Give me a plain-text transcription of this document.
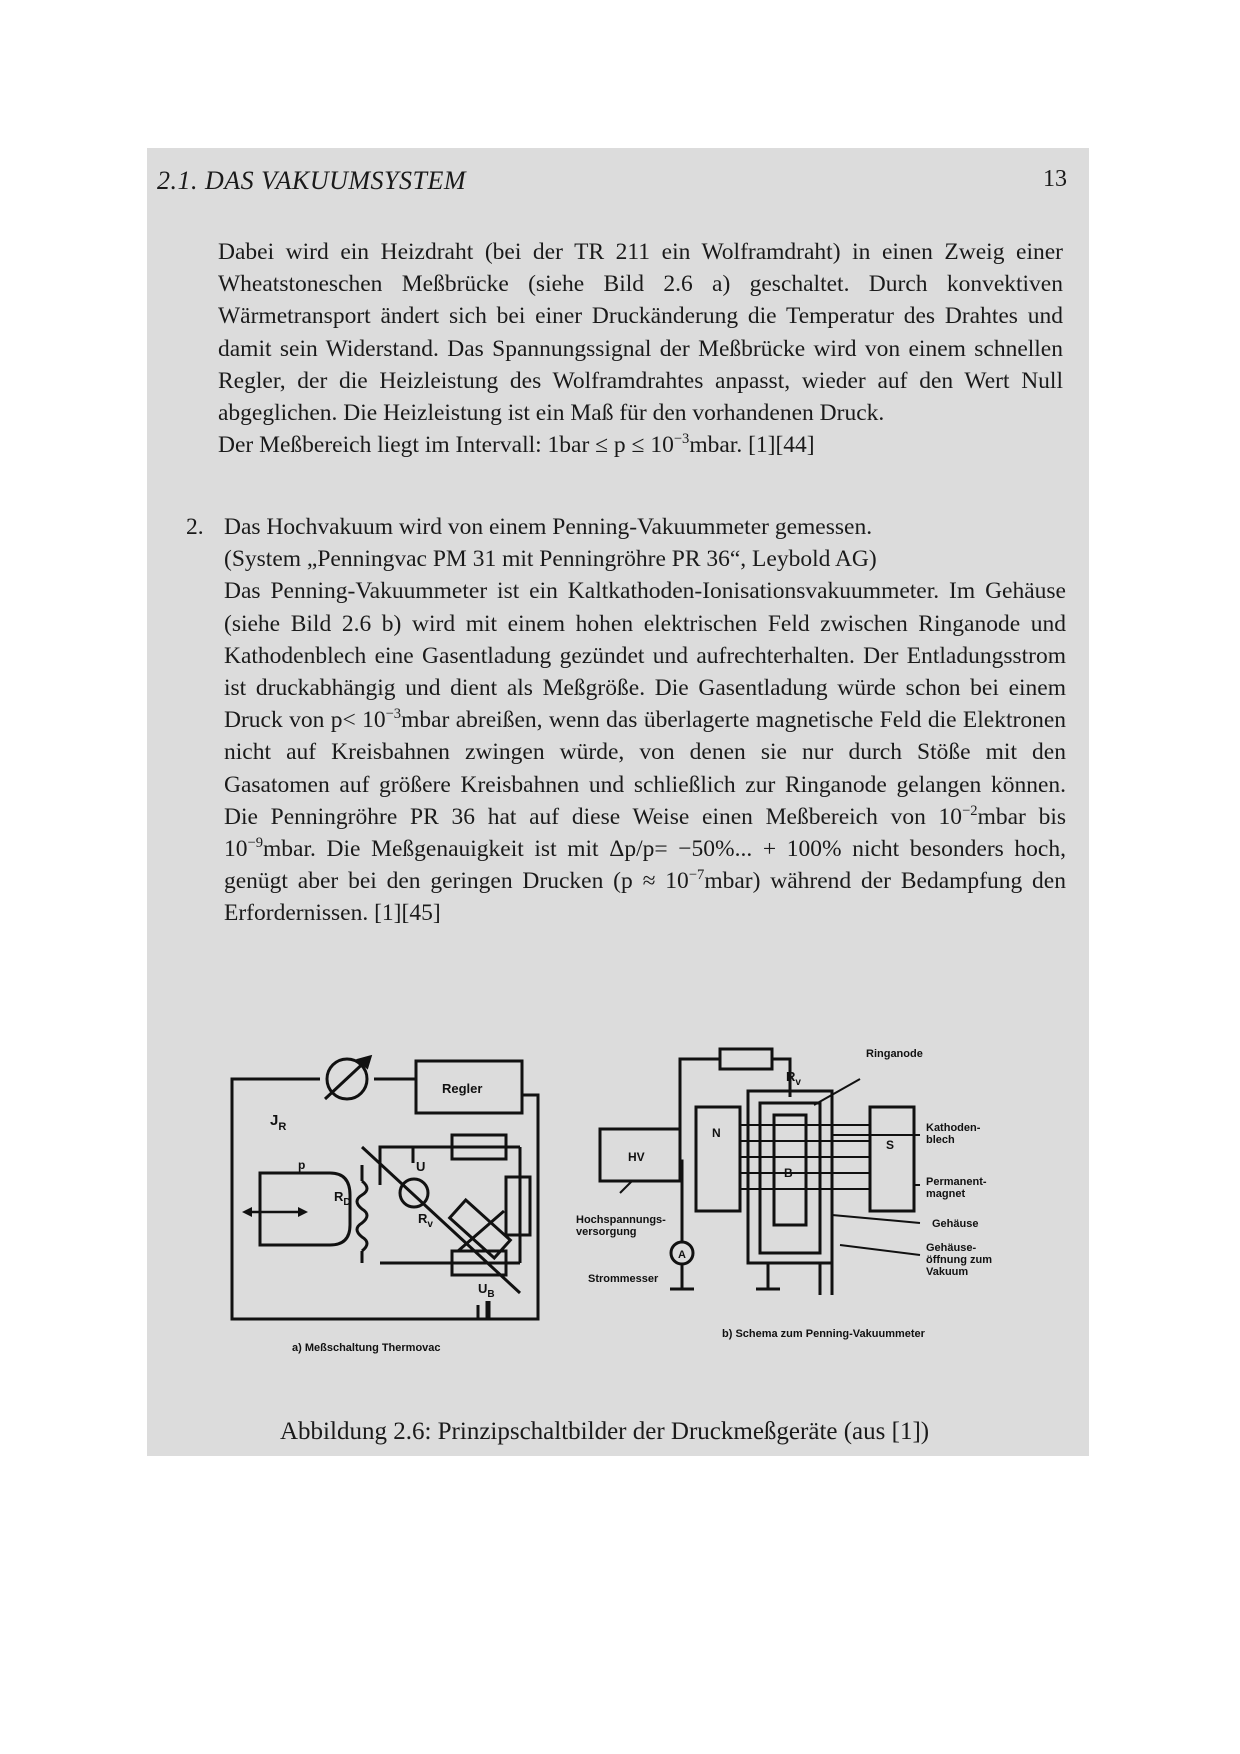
2.1. DAS VAKUUMSYSTEM	13

Dabei wird ein Heizdraht (bei der TR 211 ein Wolframdraht) in einen Zweig einer Wheatstoneschen Meßbrücke (siehe Bild 2.6 a) geschaltet. Durch konvektiven Wärmetransport ändert sich bei einer Druckänderung die Temperatur des Drahtes und damit sein Widerstand. Das Spannungssignal der Meßbrücke wird von einem schnellen Regler, der die Heizleistung des Wolframdrahtes anpasst, wieder auf den Wert Null abgeglichen. Die Heizleistung ist ein Maß für den vorhandenen Druck.

Der Meßbereich liegt im Intervall: $1bar \le p \le 10^{-3}mbar$. [1][44]

2. Das Hochvakuum wird von einem Penning-Vakuummeter gemessen.

(System „Penningvac PM 31 mit Penningröhre PR 36“, Leybold AG)

Das Penning-Vakuummeter ist ein Kaltkathoden-Ionisationsvakuummeter. Im Gehäuse (siehe Bild 2.6 b) wird mit einem hohen elektrischen Feld zwischen Ringanode und Kathodenblech eine Gasentladung gezündet und aufrechterhalten. Der Entladungsstrom ist druckabhängig und dient als Meßgröße. Die Gasentladung würde schon bei einem Druck von $p< 10^{-3}mbar$ abreißen, wenn das überlagerte magnetische Feld die Elektronen nicht auf Kreisbahnen zwingen würde, von denen sie nur durch Stöße mit den Gasatomen auf größere Kreisbahnen und schließlich zur Ringanode gelangen können. Die Penningröhre PR 36 hat auf diese Weise einen Meßbereich von $10^{-2}mbar$ bis $10^{-9}mbar$. Die Meßgenauigkeit ist mit Δp/p= −50%... + 100% nicht besonders hoch, genügt aber bei den geringen Drucken $(p \approx 10^{-7}mbar)$ während der Bedampfung den Erfordernissen. [1][45]

$J_R$
Regler
p
$R_D$
U
$R_v$
$U_B$
a) Meßschaltung Thermovac
$R_v$
HV
N
S
B
Hochspannungs-
versorgung
A
Strommesser
Ringanode
Kathoden-
blech
Permanent-
magnet
Gehäuse
Gehäuse-
öffnung zum
Vakuum
b) Schema zum Penning-Vakuummeter
Abbildung 2.6: Prinzipschaltbilder der Druckmeßgeräte (aus [1])
